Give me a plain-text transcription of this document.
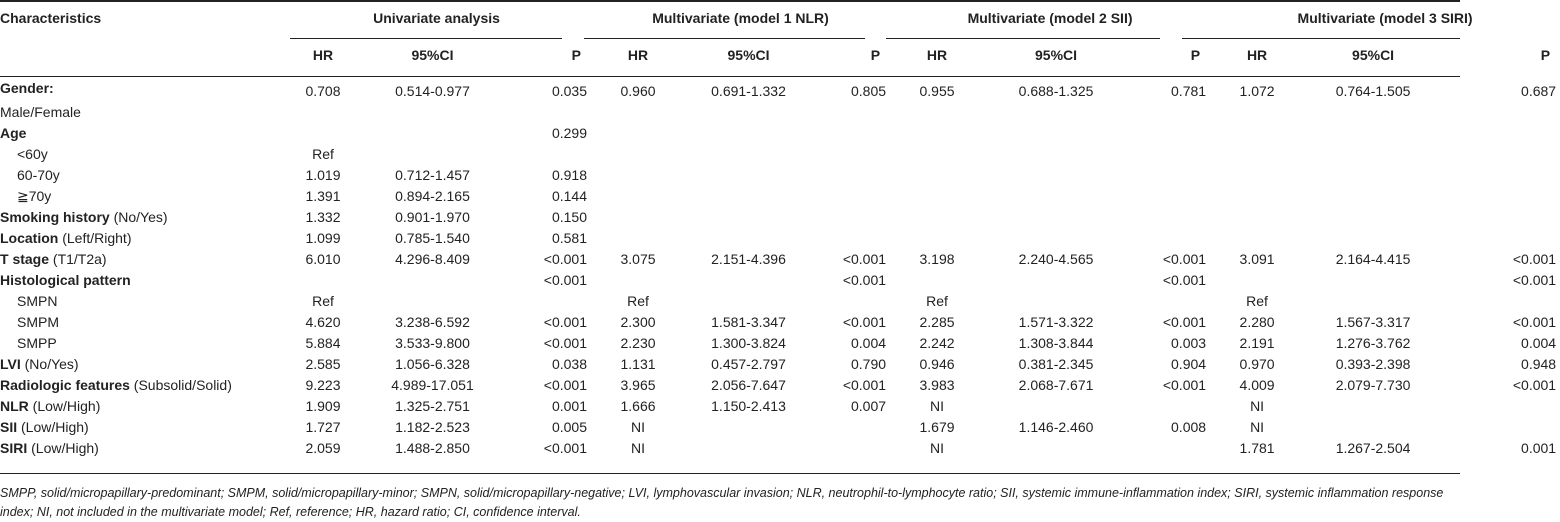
Characteristics	Univariate analysis			Multivariate (model 1 NLR)			Multivariate (model 2 SII)			Multivariate (model 3 SIRI)		
	HR	95%CI	P	HR	95%CI	P	HR	95%CI	P	HR	95%CI	P
Gender:	0.708	0.514-0.977	0.035	0.960	0.691-1.332	0.805	0.955	0.688-1.325	0.781	1.072	0.764-1.505	0.687
Male/Female												
Age			0.299									
<60y	Ref											
60-70y	1.019	0.712-1.457	0.918									
≧70y	1.391	0.894-2.165	0.144									
Smoking history (No/Yes)	1.332	0.901-1.970	0.150									
Location (Left/Right)	1.099	0.785-1.540	0.581									
T stage (T1/T2a)	6.010	4.296-8.409	<0.001	3.075	2.151-4.396	<0.001	3.198	2.240-4.565	<0.001	3.091	2.164-4.415	<0.001
Histological pattern			<0.001			<0.001			<0.001			<0.001
SMPN	Ref			Ref			Ref			Ref		
SMPM	4.620	3.238-6.592	<0.001	2.300	1.581-3.347	<0.001	2.285	1.571-3.322	<0.001	2.280	1.567-3.317	<0.001
SMPP	5.884	3.533-9.800	<0.001	2.230	1.300-3.824	0.004	2.242	1.308-3.844	0.003	2.191	1.276-3.762	0.004
LVI (No/Yes)	2.585	1.056-6.328	0.038	1.131	0.457-2.797	0.790	0.946	0.381-2.345	0.904	0.970	0.393-2.398	0.948
Radiologic features (Subsolid/Solid)	9.223	4.989-17.051	<0.001	3.965	2.056-7.647	<0.001	3.983	2.068-7.671	<0.001	4.009	2.079-7.730	<0.001
NLR (Low/High)	1.909	1.325-2.751	0.001	1.666	1.150-2.413	0.007	NI			NI		
SII (Low/High)	1.727	1.182-2.523	0.005	NI			1.679	1.146-2.460	0.008	NI		
SIRI (Low/High)	2.059	1.488-2.850	<0.001	NI			NI			1.781	1.267-2.504	0.001
SMPP, solid/micropapillary-predominant; SMPM, solid/micropapillary-minor; SMPN, solid/micropapillary-negative; LVI, lymphovascular invasion; NLR, neutrophil-to-lymphocyte ratio; SII, systemic immune-inflammation index; SIRI, systemic inflammation response index; NI, not included in the multivariate model; Ref, reference; HR, hazard ratio; CI, confidence interval.
